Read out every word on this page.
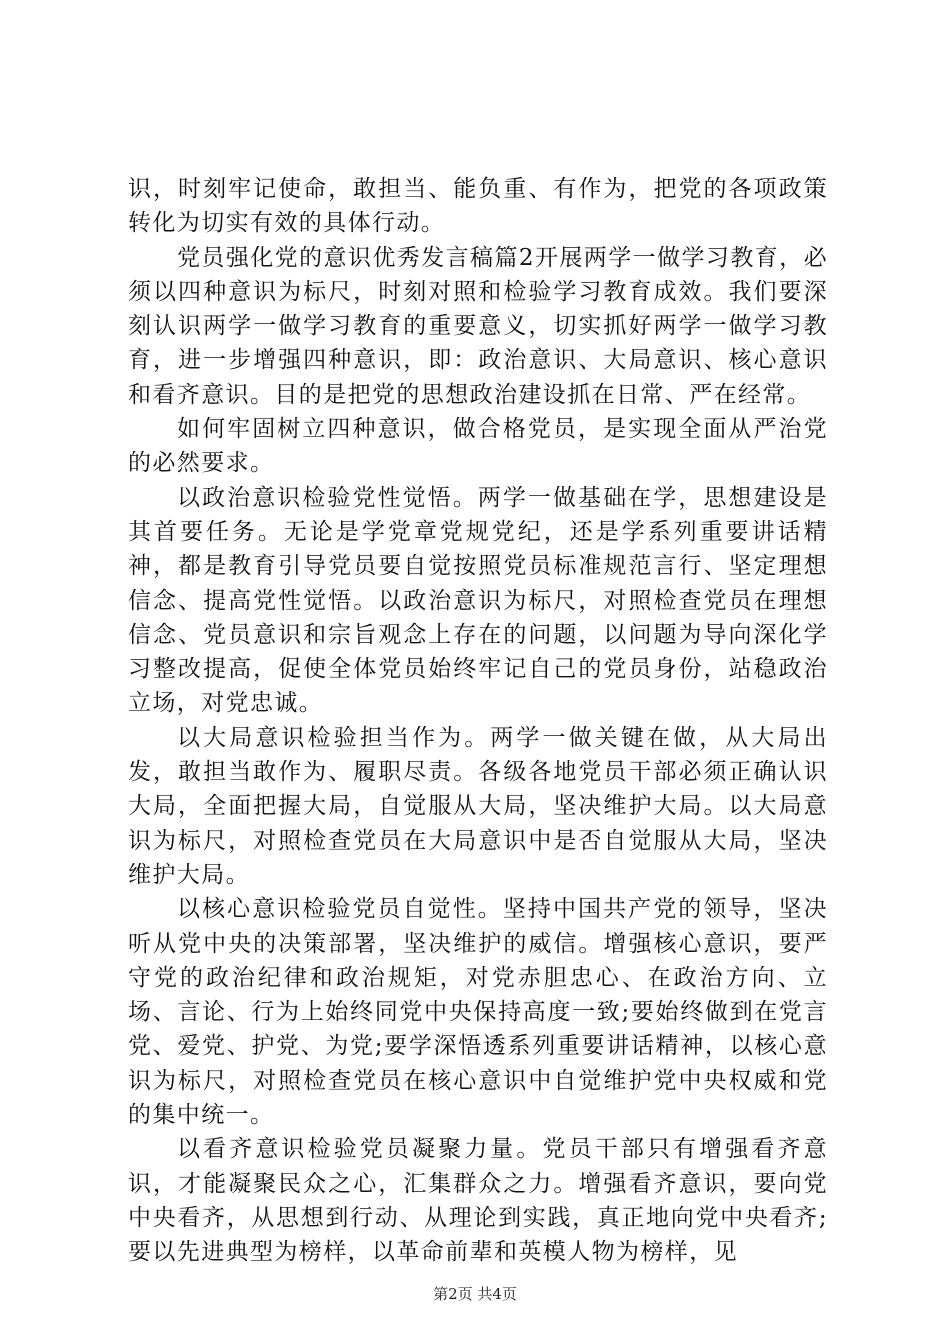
识，时刻牢记使命，敢担当、能负重、有作为，把党的各项政策转化为切实有效的具体行动。

党员强化党的意识优秀发言稿篇2开展两学一做学习教育，必须以四种意识为标尺，时刻对照和检验学习教育成效。我们要深刻认识两学一做学习教育的重要意义，切实抓好两学一做学习教育，进一步增强四种意识，即：政治意识、大局意识、核心意识和看齐意识。目的是把党的思想政治建设抓在日常、严在经常。

如何牢固树立四种意识，做合格党员，是实现全面从严治党的必然要求。

以政治意识检验党性觉悟。两学一做基础在学，思想建设是其首要任务。无论是学党章党规党纪，还是学系列重要讲话精神，都是教育引导党员要自觉按照党员标准规范言行、坚定理想信念、提高党性觉悟。以政治意识为标尺，对照检查党员在理想信念、党员意识和宗旨观念上存在的问题，以问题为导向深化学习整改提高，促使全体党员始终牢记自己的党员身份，站稳政治立场，对党忠诚。

以大局意识检验担当作为。两学一做关键在做，从大局出发，敢担当敢作为、履职尽责。各级各地党员干部必须正确认识大局，全面把握大局，自觉服从大局，坚决维护大局。以大局意识为标尺，对照检查党员在大局意识中是否自觉服从大局，坚决维护大局。

以核心意识检验党员自觉性。坚持中国共产党的领导，坚决听从党中央的决策部署，坚决维护的威信。增强核心意识，要严守党的政治纪律和政治规矩，对党赤胆忠心、在政治方向、立场、言论、行为上始终同党中央保持高度一致;要始终做到在党言党、爱党、护党、为党;要学深悟透系列重要讲话精神，以核心意识为标尺，对照检查党员在核心意识中自觉维护党中央权威和党的集中统一。

以看齐意识检验党员凝聚力量。党员干部只有增强看齐意识，才能凝聚民众之心，汇集群众之力。增强看齐意识，要向党中央看齐，从思想到行动、从理论到实践，真正地向党中央看齐;要以先进典型为榜样，以革命前辈和英模人物为榜样，见

第2页 共4页
